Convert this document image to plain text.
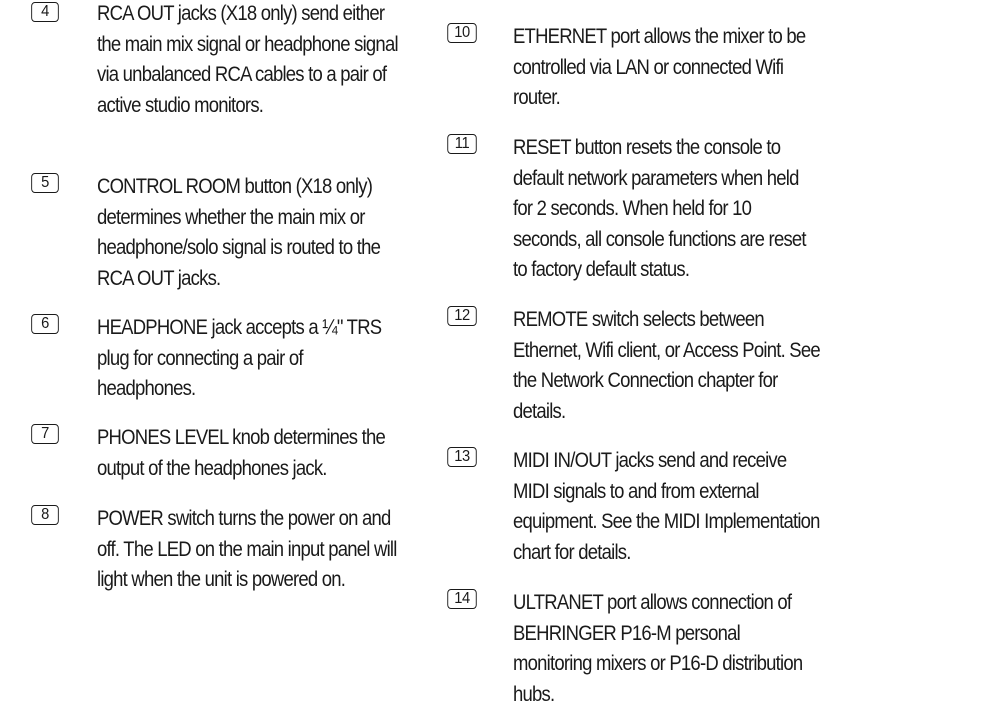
4	RCA OUT jacks (X18 only) send either the main mix signal or headphone signal via unbalanced RCA cables to a pair of active studio monitors.
5	CONTROL ROOM button (X18 only) determines whether the main mix or headphone/solo signal is routed to the RCA OUT jacks.
6	HEADPHONE jack accepts a ¼" TRS plug for connecting a pair of headphones.
7	PHONES LEVEL knob determines the output of the headphones jack.
8	POWER switch turns the power on and off. The LED on the main input panel will light when the unit is powered on.
10	ETHERNET port allows the mixer to be controlled via LAN or connected Wifi router.
11	RESET button resets the console to default network parameters when held for 2 seconds. When held for 10 seconds, all console functions are reset to factory default status.
12	REMOTE switch selects between Ethernet, Wifi client, or Access Point. See the Network Connection chapter for details.
13	MIDI IN/OUT jacks send and receive MIDI signals to and from external equipment. See the MIDI Implementation chart for details.
14	ULTRANET port allows connection of BEHRINGER P16-M personal monitoring mixers or P16-D distribution hubs.
